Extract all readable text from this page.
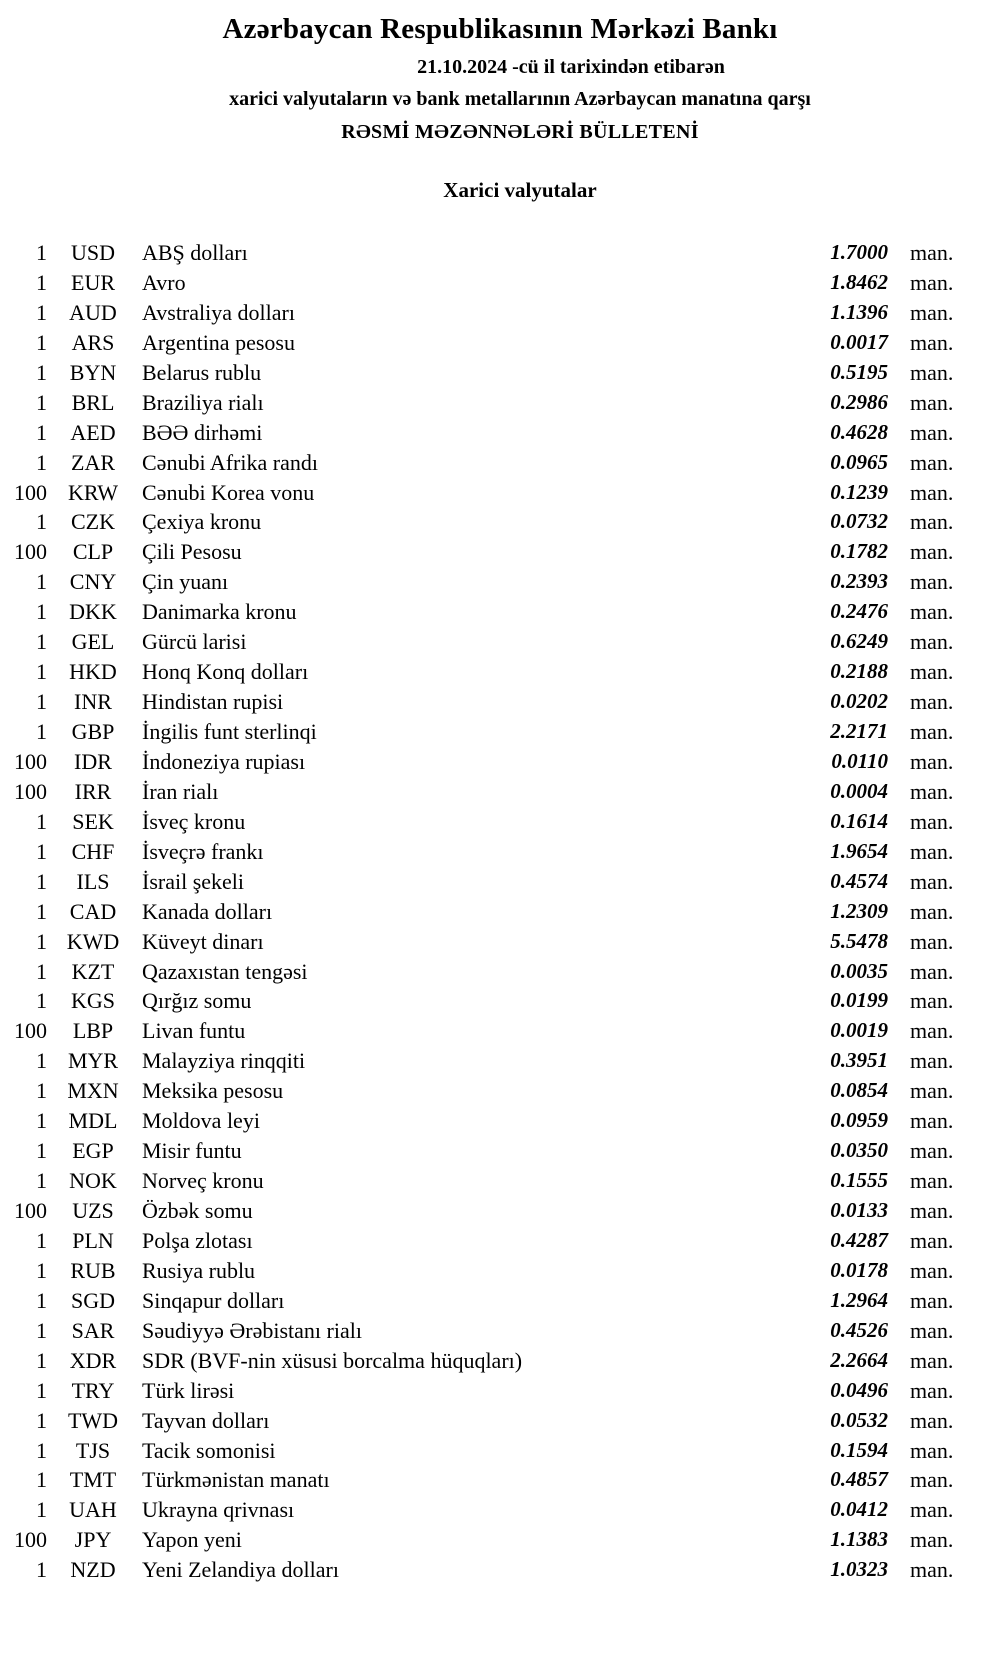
Azərbaycan Respublikasının Mərkəzi Bankı
21.10.2024 -cü il tarixindən etibarən
xarici valyutaların və bank metallarının Azərbaycan manatına qarşı
RƏSMİ MƏZƏNNƏLƏRİ BÜLLETENİ
Xarici valyutalar
1	USD	ABŞ dolları	1.7000	man.
1	EUR	Avro	1.8462	man.
1	AUD	Avstraliya dolları	1.1396	man.
1	ARS	Argentina pesosu	0.0017	man.
1	BYN	Belarus rublu	0.5195	man.
1	BRL	Braziliya rialı	0.2986	man.
1	AED	BƏƏ dirhəmi	0.4628	man.
1	ZAR	Cənubi Afrika randı	0.0965	man.
100 KRW	Cənubi Korea vonu	0.1239	man.
1	CZK	Çexiya kronu	0.0732	man.
100	CLP	Çili Pesosu	0.1782	man.
1	CNY	Çin yuanı	0.2393	man.
1	DKK	Danimarka kronu	0.2476	man.
1	GEL	Gürcü larisi	0.6249	man.
1	HKD	Honq Konq dolları	0.2188	man.
1	INR	Hindistan rupisi	0.0202	man.
1	GBP	İngilis funt sterlinqi	2.2171	man.
100	IDR	İndoneziya rupiası	0.0110	man.
100	IRR	İran rialı	0.0004	man.
1	SEK	İsveç kronu	0.1614	man.
1	CHF	İsveçrə frankı	1.9654	man.
1	ILS	İsrail şekeli	0.4574	man.
1	CAD	Kanada dolları	1.2309	man.
1 KWD	Küveyt dinarı	5.5478	man.
1	KZT	Qazaxıstan tengəsi	0.0035	man.
1	KGS	Qırğız somu	0.0199	man.
100	LBP	Livan funtu	0.0019	man.
1 MYR	Malayziya rinqqiti	0.3951	man.
1 MXN	Meksika pesosu	0.0854	man.
1 MDL	Moldova leyi	0.0959	man.
1	EGP	Misir funtu	0.0350	man.
1	NOK	Norveç kronu	0.1555	man.
100	UZS	Özbək somu	0.0133	man.
1	PLN	Polşa zlotası	0.4287	man.
1	RUB	Rusiya rublu	0.0178	man.
1	SGD	Sinqapur dolları	1.2964	man.
1	SAR	Səudiyyə Ərəbistanı rialı	0.4526	man.
1	XDR	SDR (BVF-nin xüsusi borcalma hüquqları)	2.2664	man.
1	TRY	Türk lirəsi	0.0496	man.
1 TWD	Tayvan dolları	0.0532	man.
1	TJS	Tacik somonisi	0.1594	man.
1	TMT	Türkmənistan manatı	0.4857	man.
1	UAH	Ukrayna qrivnası	0.0412	man.
100	JPY	Yapon yeni	1.1383	man.
1	NZD	Yeni Zelandiya dolları	1.0323	man.
